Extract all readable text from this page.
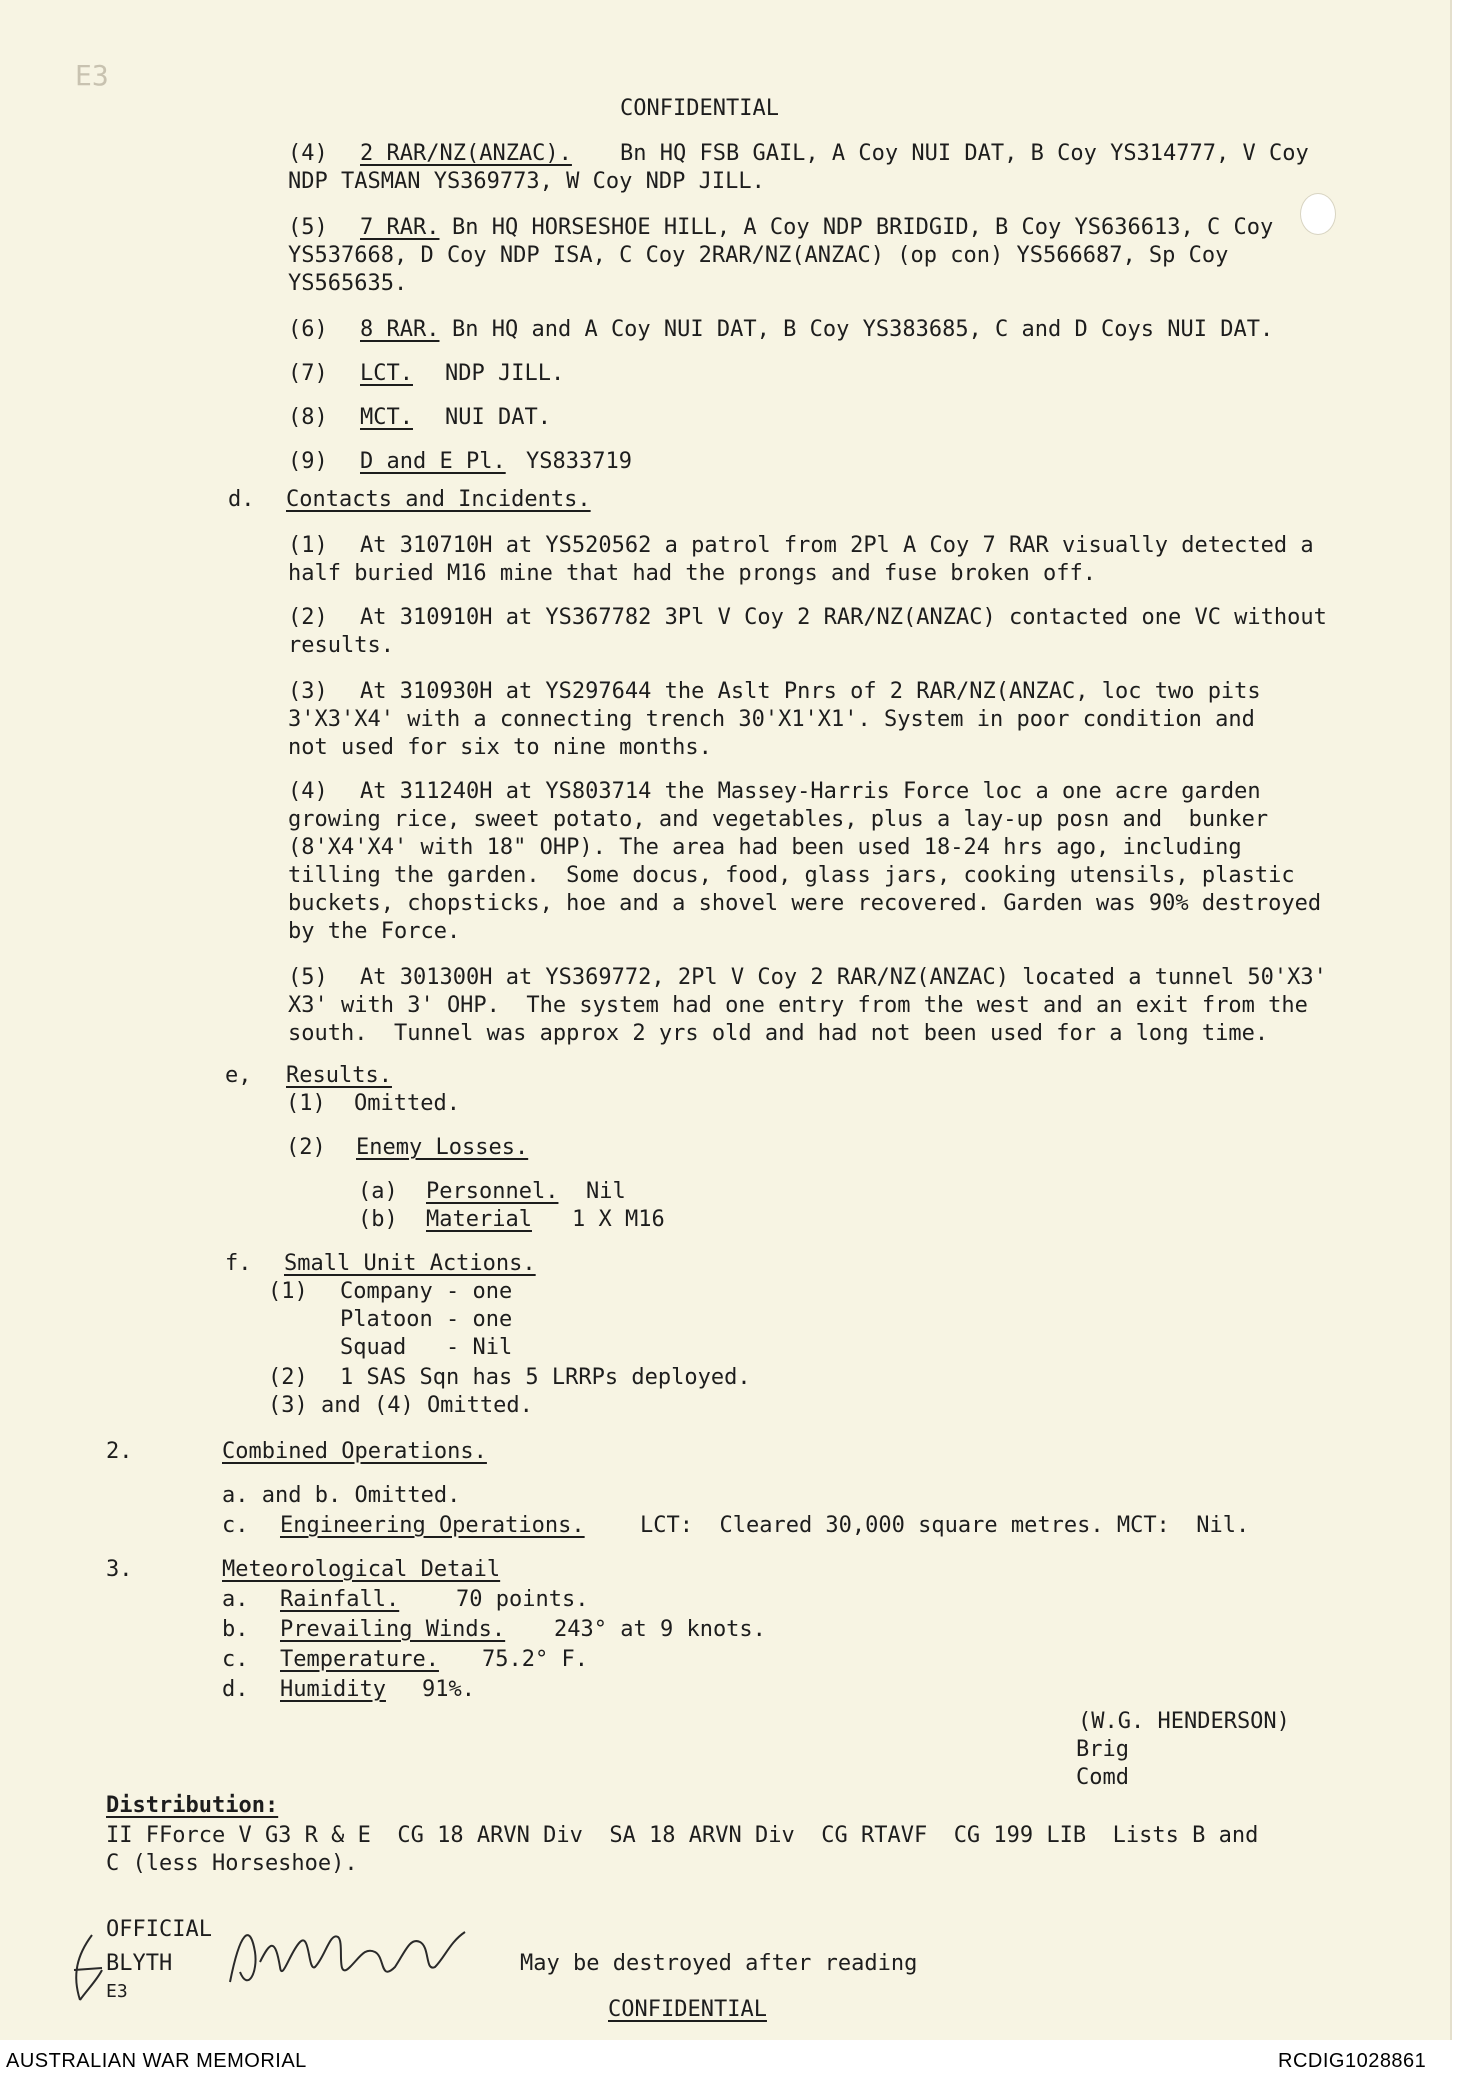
CONFIDENTIAL
E3
(4) 2 RAR/NZ(ANZAC). Bn HQ FSB GAIL, A Coy NUI DAT, B Coy YS314777, V Coy
NDP TASMAN YS369773, W Coy NDP JILL.
(5) 7 RAR. Bn HQ HORSESHOE HILL, A Coy NDP BRIDGID, B Coy YS636613, C Coy
YS537668, D Coy NDP ISA, C Coy 2RAR/NZ(ANZAC) (op con) YS566687, Sp Coy
YS565635.
(6) 8 RAR. Bn HQ and A Coy NUI DAT, B Coy YS383685, C and D Coys NUI DAT.
(7) LCT. NDP JILL.
(8) MCT. NUI DAT.
(9) D and E Pl. YS833719
d. Contacts and Incidents.
(1) At 310710H at YS520562 a patrol from 2Pl A Coy 7 RAR visually detected a
half buried M16 mine that had the prongs and fuse broken off.
(2) At 310910H at YS367782 3Pl V Coy 2 RAR/NZ(ANZAC) contacted one VC without
results.
(3) At 310930H at YS297644 the Aslt Pnrs of 2 RAR/NZ(ANZAC, loc two pits
3'X3'X4' with a connecting trench 30'X1'X1'. System in poor condition and
not used for six to nine months.
(4) At 311240H at YS803714 the Massey-Harris Force loc a one acre garden
growing rice, sweet potato, and vegetables, plus a lay-up posn and  bunker
(8'X4'X4' with 18" OHP). The area had been used 18-24 hrs ago, including
tilling the garden.  Some docus, food, glass jars, cooking utensils, plastic
buckets, chopsticks, hoe and a shovel were recovered. Garden was 90% destroyed
by the Force.
(5) At 301300H at YS369772, 2Pl V Coy 2 RAR/NZ(ANZAC) located a tunnel 50'X3'
X3' with 3' OHP.  The system had one entry from the west and an exit from the
south.  Tunnel was approx 2 yrs old and had not been used for a long time.
e, Results.
(1) Omitted.
(2) Enemy Losses.
(a) Personnel. Nil
(b) Material 1 X M16
f. Small Unit Actions.
(1) Company - one
Platoon - one
Squad   - Nil
(2) 1 SAS Sqn has 5 LRRPs deployed.
(3) and (4) Omitted.
2.	Combined Operations.
a. and b. Omitted.
c. Engineering Operations.	LCT:  Cleared 30,000 square metres. MCT:  Nil.
3.	Meteorological Detail
a. Rainfall.	70 points.
b. Prevailing Winds. 243° at 9 knots.
c. Temperature. 75.2° F.
d. Humidity 91%.
(W.G. HENDERSON)
Brig
Comd
Distribution:
II FForce V G3 R & E  CG 18 ARVN Div  SA 18 ARVN Div  CG RTAVF  CG 199 LIB  Lists B and
C (less Horseshoe).
OFFICIAL
BLYTH
E3
May be destroyed after reading
CONFIDENTIAL
AUSTRALIAN WAR MEMORIAL	RCDIG1028861
